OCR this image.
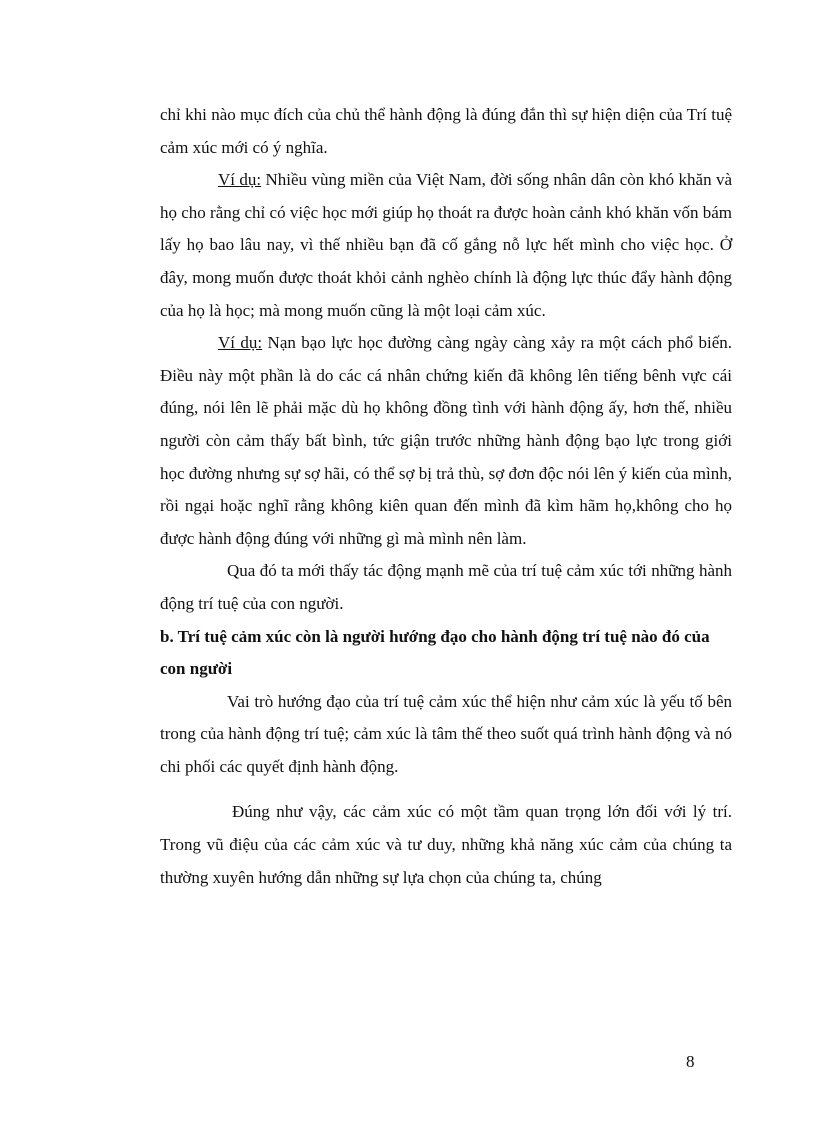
chỉ khi nào mục đích của chủ thể hành động là đúng đắn thì sự hiện diện của Trí tuệ cảm xúc mới có ý nghĩa.

Ví dụ: Nhiều vùng miền của Việt Nam, đời sống nhân dân còn khó khăn và họ cho rằng chỉ có việc học mới giúp họ thoát ra được hoàn cảnh khó khăn vốn bám lấy họ bao lâu nay, vì thế nhiều bạn đã cố gắng nỗ lực hết mình cho việc học. Ở đây, mong muốn được thoát khỏi cảnh nghèo chính là động lực thúc đẩy hành động của họ là học; mà mong muốn cũng là một loại cảm xúc.

Ví dụ: Nạn bạo lực học đường càng ngày càng xảy ra một cách phổ biến. Điều này một phần là do các cá nhân chứng kiến đã không lên tiếng bênh vực cái đúng, nói lên lẽ phải mặc dù họ không đồng tình với hành động ấy, hơn thế, nhiều người còn cảm thấy bất bình, tức giận trước những hành động bạo lực trong giới học đường nhưng sự sợ hãi, có thể sợ bị trả thù, sợ đơn độc nói lên ý kiến của mình, rồi ngại hoặc nghĩ rằng không kiên quan đến mình đã kìm hãm họ,không cho họ được hành động đúng với những gì mà mình nên làm.

Qua đó ta mới thấy tác động mạnh mẽ của trí tuệ cảm xúc tới những hành động trí tuệ của con người.

b. Trí tuệ cảm xúc còn là người hướng đạo cho hành động trí tuệ nào đó của con người

Vai trò hướng đạo của trí tuệ cảm xúc thể hiện như cảm xúc là yếu tố bên trong của hành động trí tuệ; cảm xúc là tâm thế theo suốt quá trình hành động và nó chi phối các quyết định hành động.

Đúng như vậy, các cảm xúc có một tầm quan trọng lớn đối với lý trí. Trong vũ điệu của các cảm xúc và tư duy, những khả năng xúc cảm của chúng ta thường xuyên hướng dẫn những sự lựa chọn của chúng ta, chúng

8
